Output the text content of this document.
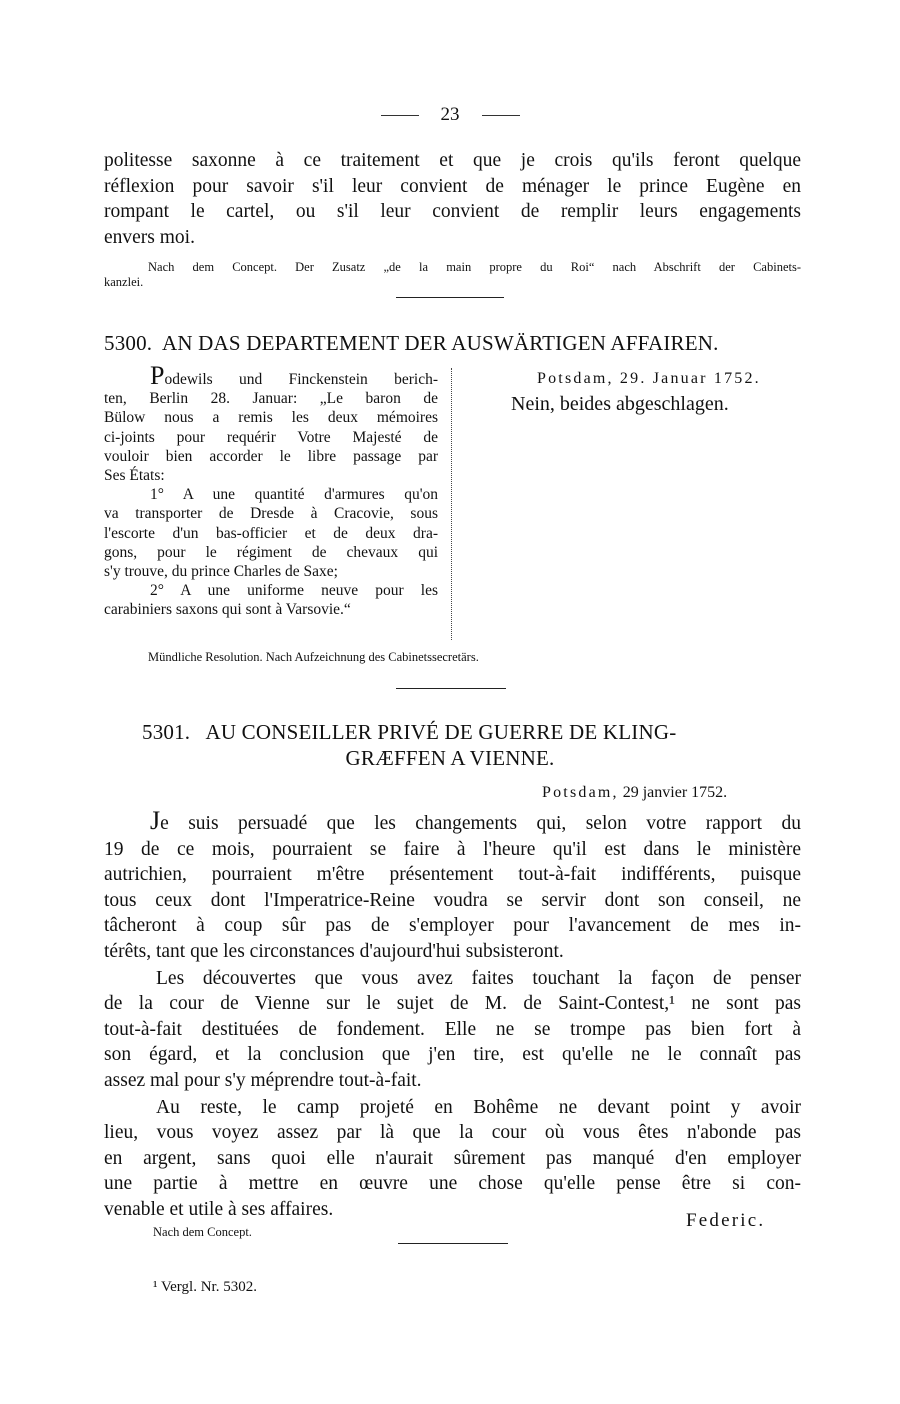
23
politesse saxonne à ce traitement et que je crois qu'ils feront quelque
réflexion pour savoir s'il leur convient de ménager le prince Eugène en
rompant le cartel, ou s'il leur convient de remplir leurs engagements
envers moi.
Nach dem Concept. Der Zusatz „de la main propre du Roi“ nach Abschrift der Cabinets-
kanzlei.
5300. AN DAS DEPARTEMENT DER AUSWÄRTIGEN AFFAIREN.
Podewils und Finckenstein berich-
ten, Berlin 28. Januar: „Le baron de
Bülow nous a remis les deux mémoires
ci-joints pour requérir Votre Majesté de
vouloir bien accorder le libre passage par
Ses États:
1° A une quantité d'armures qu'on
va transporter de Dresde à Cracovie, sous
l'escorte d'un bas-officier et de deux dra-
gons, pour le régiment de chevaux qui
s'y trouve, du prince Charles de Saxe;
2° A une uniforme neuve pour les
carabiniers saxons qui sont à Varsovie.“
Potsdam, 29. Januar 1752.
Nein, beides abgeschlagen.
Mündliche Resolution. Nach Aufzeichnung des Cabinetssecretärs.
5301. AU CONSEILLER PRIVÉ DE GUERRE DE KLING-
GRÆFFEN A VIENNE.
Potsdam, 29 janvier 1752.
Je suis persuadé que les changements qui, selon votre rapport du
19 de ce mois, pourraient se faire à l'heure qu'il est dans le ministère
autrichien, pourraient m'être présentement tout-à-fait indifférents, puisque
tous ceux dont l'Imperatrice-Reine voudra se servir dont son conseil, ne
tâcheront à coup sûr pas de s'employer pour l'avancement de mes in-
térêts, tant que les circonstances d'aujourd'hui subsisteront.
Les découvertes que vous avez faites touchant la façon de penser
de la cour de Vienne sur le sujet de M. de Saint-Contest,¹ ne sont pas
tout-à-fait destituées de fondement. Elle ne se trompe pas bien fort à
son égard, et la conclusion que j'en tire, est qu'elle ne le connaît pas
assez mal pour s'y méprendre tout-à-fait.
Au reste, le camp projeté en Bohême ne devant point y avoir
lieu, vous voyez assez par là que la cour où vous êtes n'abonde pas
en argent, sans quoi elle n'aurait sûrement pas manqué d'en employer
une partie à mettre en œuvre une chose qu'elle pense être si con-
venable et utile à ses affaires.
Federic.
Nach dem Concept.
¹ Vergl. Nr. 5302.
